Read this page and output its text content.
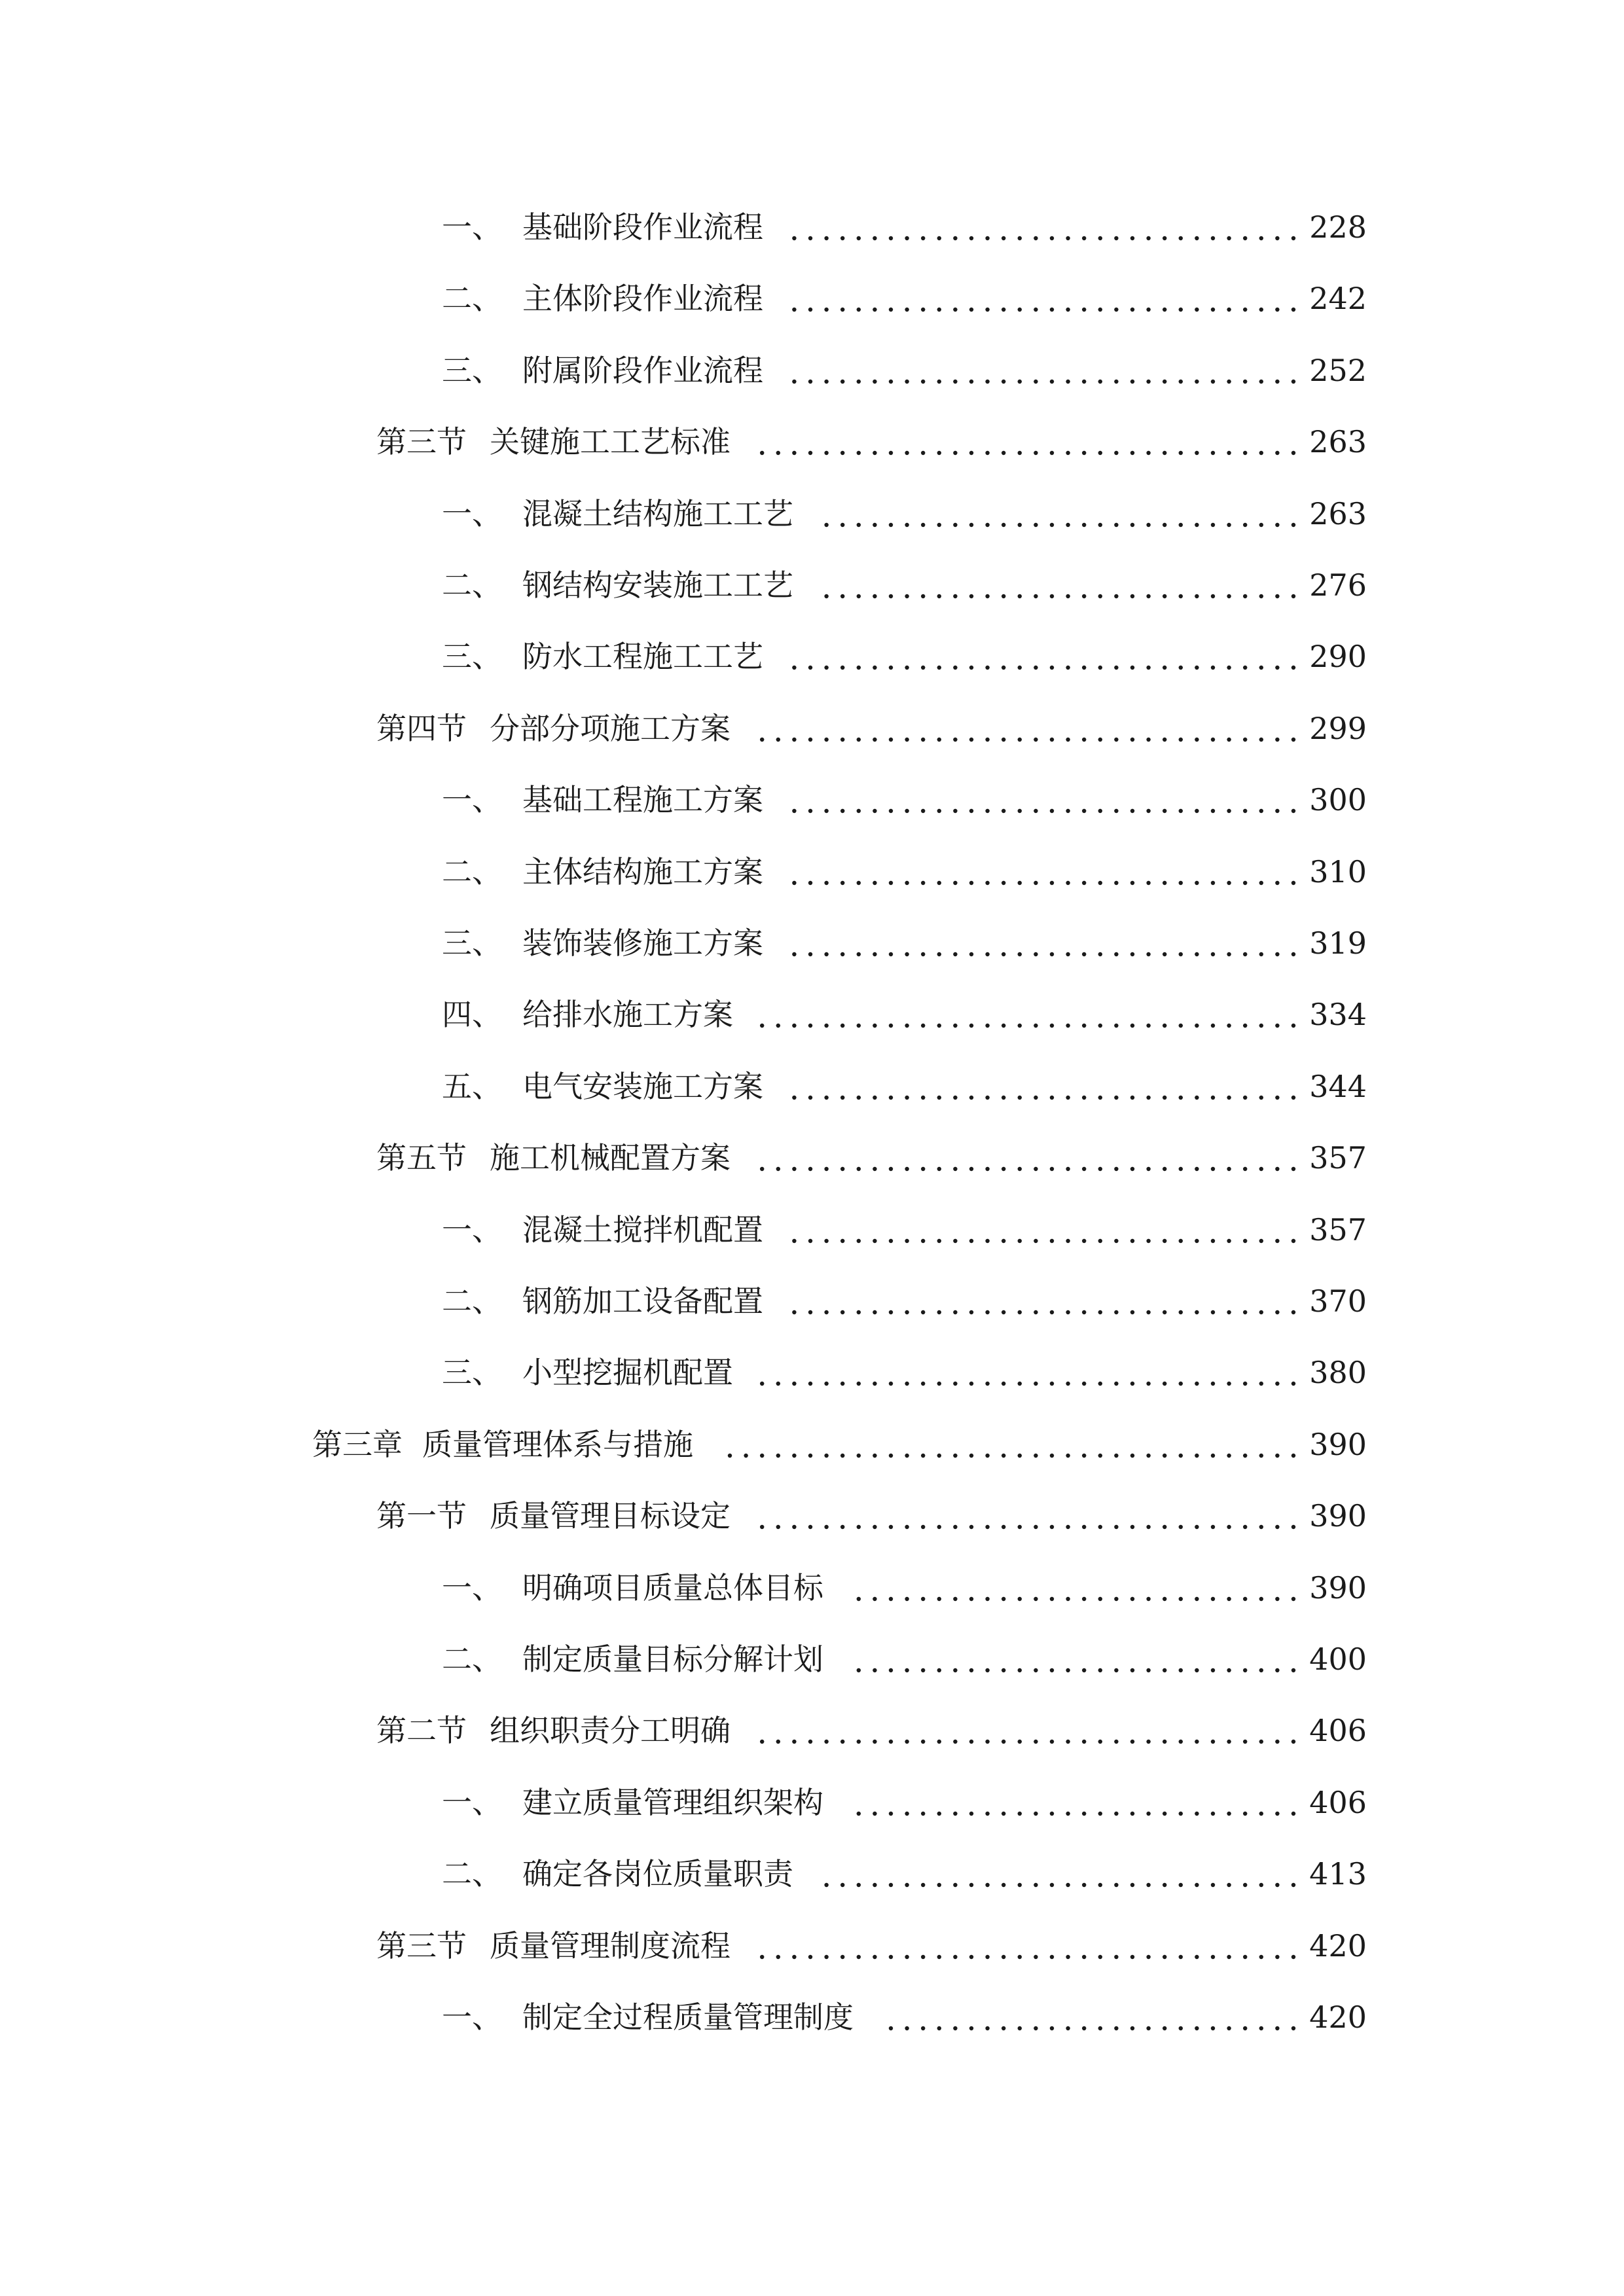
一、 基础阶段作业流程	228
二、 主体阶段作业流程	242
三、 附属阶段作业流程	252
第三节 关键施工工艺标准	263
一、 混凝土结构施工工艺	263
二、 钢结构安装施工工艺	276
三、 防水工程施工工艺	290
第四节 分部分项施工方案	299
一、 基础工程施工方案	300
二、 主体结构施工方案	310
三、 装饰装修施工方案	319
四、 给排水施工方案	334
五、 电气安装施工方案	344
第五节 施工机械配置方案	357
一、 混凝土搅拌机配置	357
二、 钢筋加工设备配置	370
三、 小型挖掘机配置	380
第三章 质量管理体系与措施	390
第一节 质量管理目标设定	390
一、 明确项目质量总体目标	390
二、 制定质量目标分解计划	400
第二节 组织职责分工明确	406
一、 建立质量管理组织架构	406
二、 确定各岗位质量职责	413
第三节 质量管理制度流程	420
一、 制定全过程质量管理制度	420
